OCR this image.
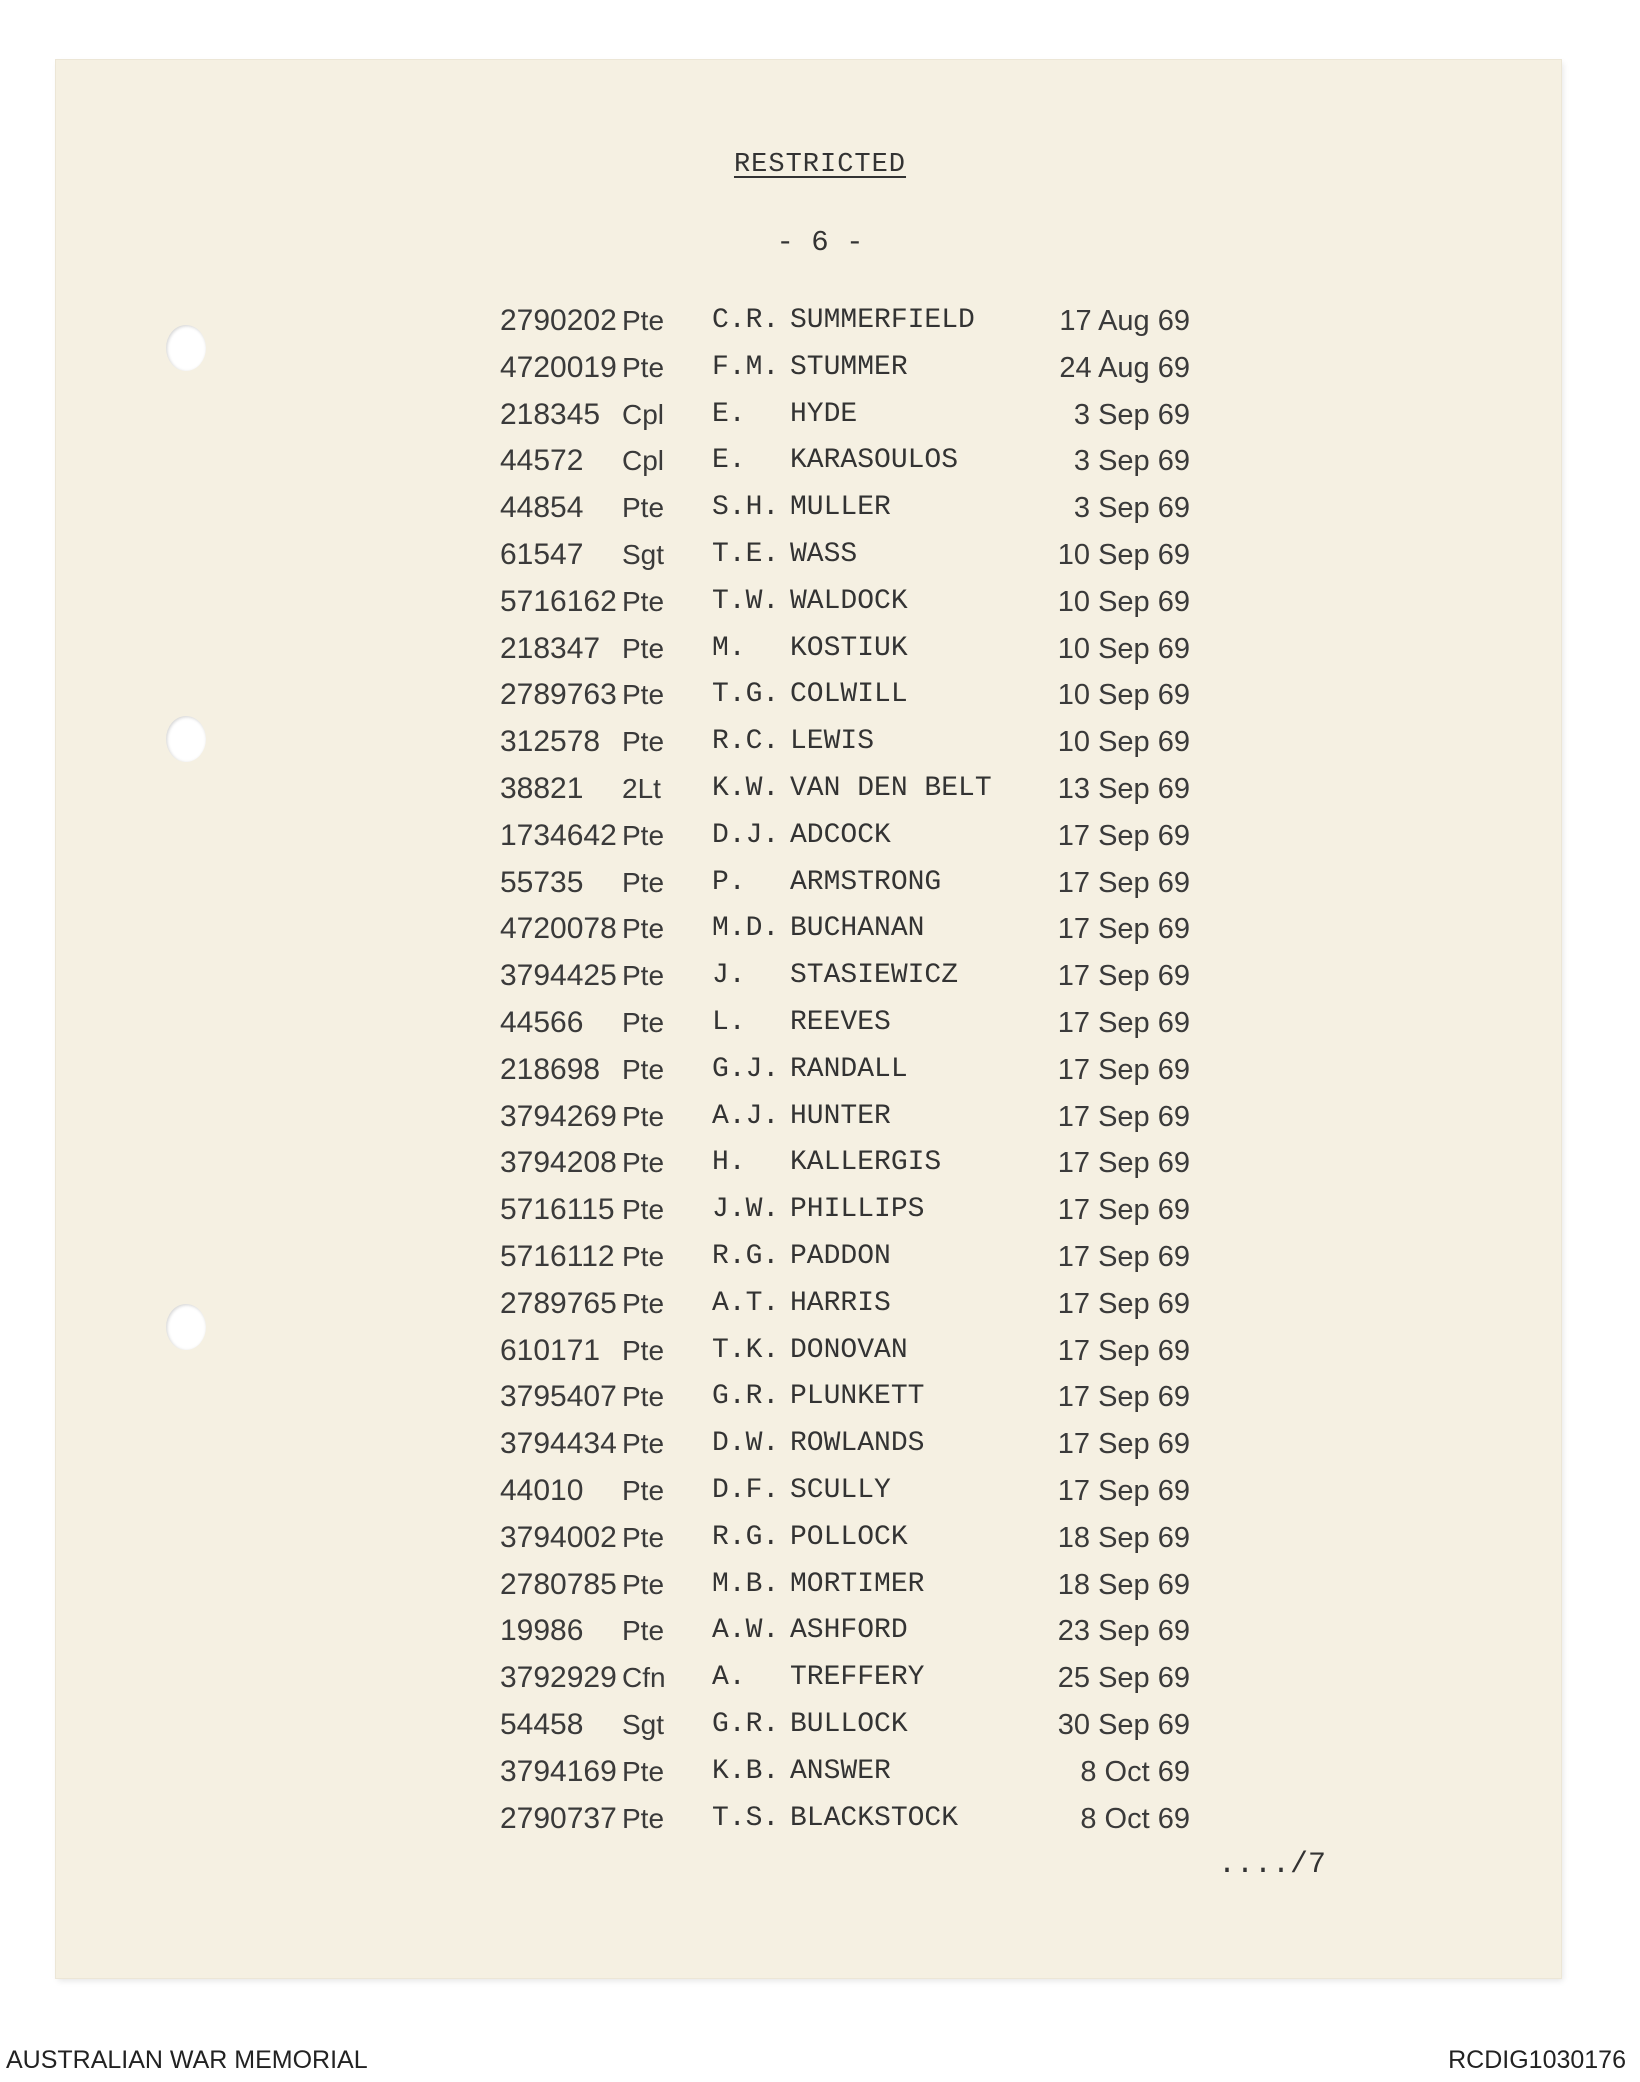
RESTRICTED
- 6 -
2790202 Pte C.R. SUMMERFIELD	17 Aug 69
4720019 Pte F.M. STUMMER	24 Aug 69
218345 Cpl E. HYDE	3 Sep 69
44572 Cpl E. KARASOULOS	3 Sep 69
44854 Pte S.H. MULLER	3 Sep 69
61547 Sgt T.E. WASS	10 Sep 69
5716162 Pte T.W. WALDOCK	10 Sep 69
218347 Pte M. KOSTIUK	10 Sep 69
2789763 Pte T.G. COLWILL	10 Sep 69
312578 Pte R.C. LEWIS	10 Sep 69
38821 2Lt K.W. VAN DEN BELT	13 Sep 69
1734642 Pte D.J. ADCOCK	17 Sep 69
55735 Pte P. ARMSTRONG	17 Sep 69
4720078 Pte M.D. BUCHANAN	17 Sep 69
3794425 Pte J. STASIEWICZ	17 Sep 69
44566 Pte L. REEVES	17 Sep 69
218698 Pte G.J. RANDALL	17 Sep 69
3794269 Pte A.J. HUNTER	17 Sep 69
3794208 Pte H. KALLERGIS	17 Sep 69
5716115 Pte J.W. PHILLIPS	17 Sep 69
5716112 Pte R.G. PADDON	17 Sep 69
2789765 Pte A.T. HARRIS	17 Sep 69
610171 Pte T.K. DONOVAN	17 Sep 69
3795407 Pte G.R. PLUNKETT	17 Sep 69
3794434 Pte D.W. ROWLANDS	17 Sep 69
44010 Pte D.F. SCULLY	17 Sep 69
3794002 Pte R.G. POLLOCK	18 Sep 69
2780785 Pte M.B. MORTIMER	18 Sep 69
19986 Pte A.W. ASHFORD	23 Sep 69
3792929 Cfn A. TREFFERY	25 Sep 69
54458 Sgt G.R. BULLOCK	30 Sep 69
3794169 Pte K.B. ANSWER	8 Oct 69
2790737 Pte T.S. BLACKSTOCK	8 Oct 69
..../7
AUSTRALIAN WAR MEMORIAL	RCDIG1030176
